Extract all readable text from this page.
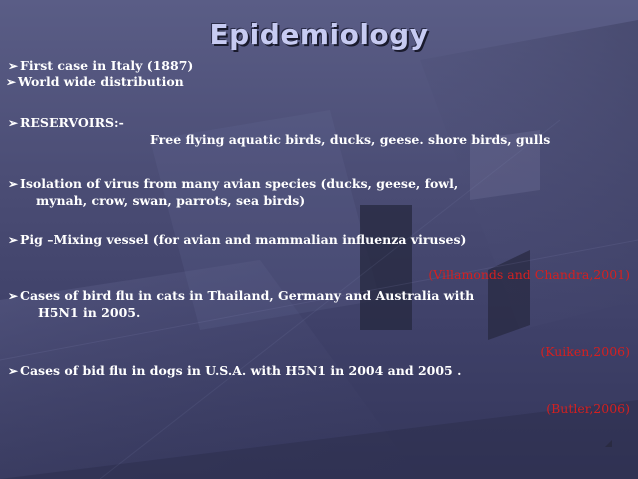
Epidemiology
➢ First case in Italy (1887)
➢ World wide distribution
➢ RESERVOIRS:-
Free flying aquatic birds, ducks, geese. shore birds, gulls
➢ Isolation of virus from many avian species (ducks, geese, fowl,
mynah, crow, swan, parrots, sea birds)
➢ Pig –Mixing vessel (for avian and mammalian influenza viruses)
(Villamonds and Chandra,2001)
➢ Cases of bird flu in cats in Thailand, Germany and Australia with
H5N1 in 2005.
(Kuiken,2006)
➢ Cases of bid flu in dogs in U.S.A. with H5N1 in 2004 and 2005 .
(Butler,2006)
